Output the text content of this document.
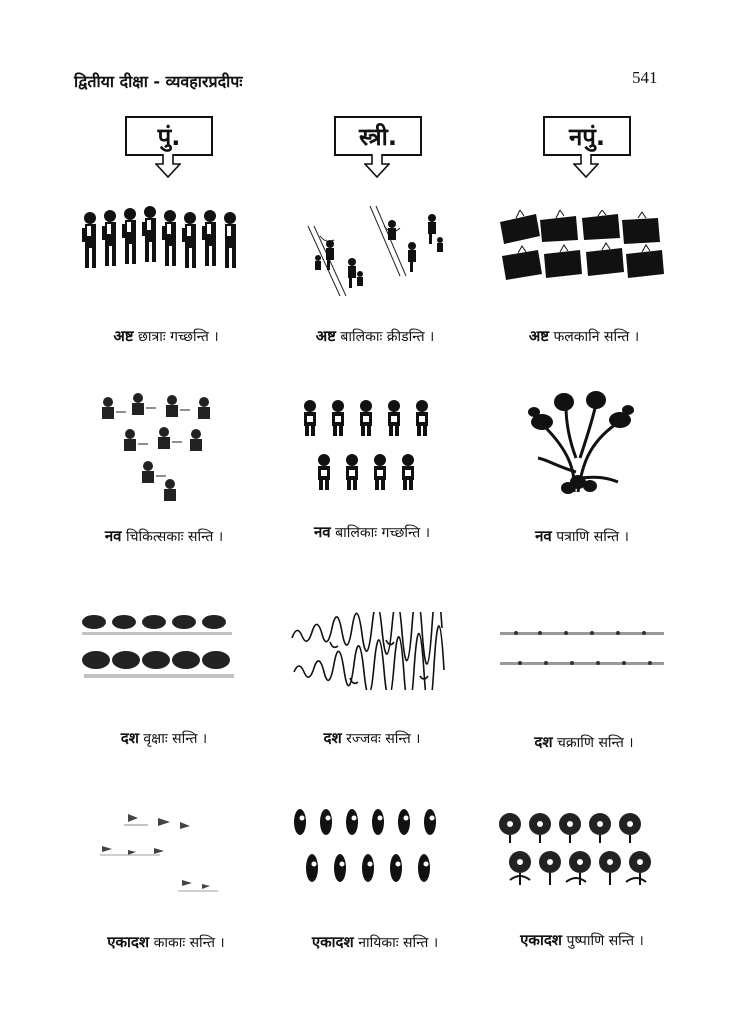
द्वितीया दीक्षा - व्यवहारप्रदीपः	541
पुं.	स्त्री.	नपुं.
अष्ट छात्राः गच्छन्ति ।	अष्ट बालिकाः क्रीडन्ति ।	अष्ट फलकानि सन्ति ।
नव चिकित्सकाः सन्ति ।	नव बालिकाः गच्छन्ति ।	नव पत्राणि सन्ति ।
दश वृक्षाः सन्ति ।	दश रज्जवः सन्ति ।	दश चक्राणि सन्ति ।
एकादश काकाः सन्ति ।	एकादश नायिकाः सन्ति ।	एकादश पुष्पाणि सन्ति ।
